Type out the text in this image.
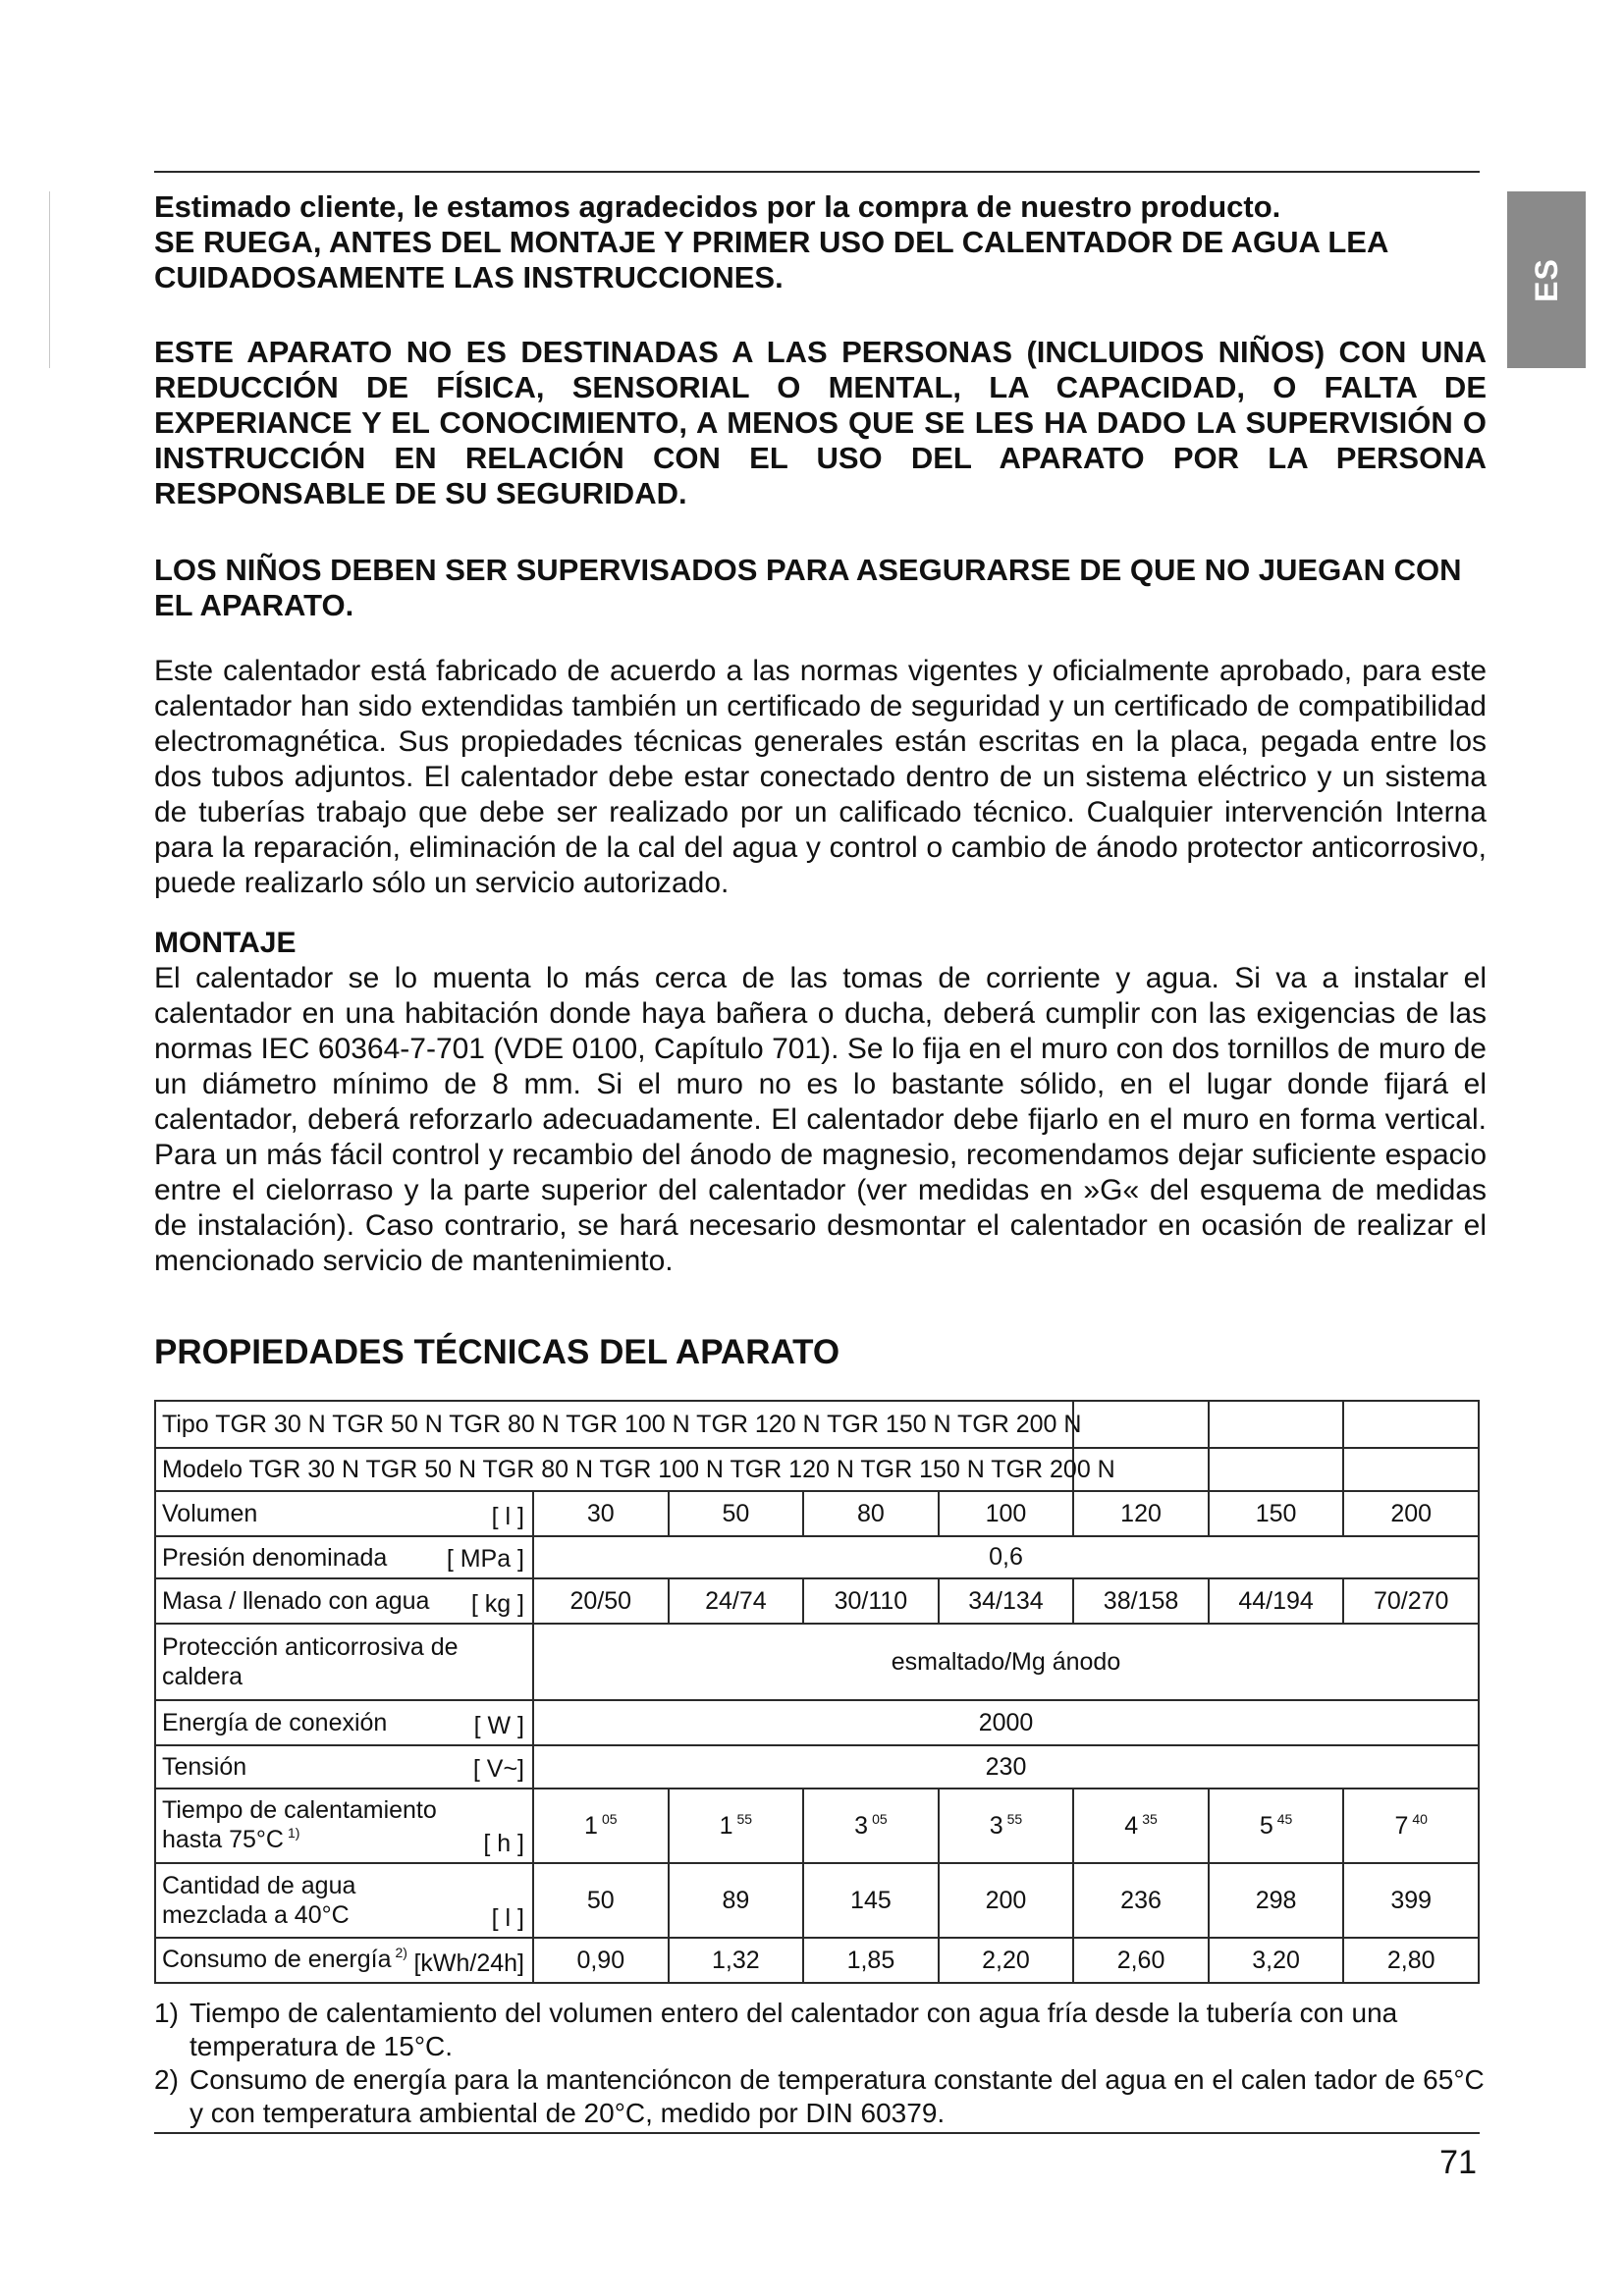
ES

Estimado cliente, le estamos agradecidos por la compra de nuestro producto.

SE RUEGA, ANTES DEL MONTAJE Y PRIMER USO DEL CALENTADOR DE AGUA LEA CUIDADOSAMENTE LAS INSTRUCCIONES.

ESTE APARATO NO ES DESTINADAS A LAS PERSONAS (INCLUIDOS NIÑOS) CON UNA REDUCCIÓN DE FÍSICA, SENSORIAL O MENTAL, LA CAPACIDAD, O FALTA DE EXPERIANCE Y EL CONOCIMIENTO, A MENOS QUE SE LES HA DADO LA SUPERVISIÓN O INSTRUCCIÓN EN RELACIÓN CON EL USO DEL APARATO POR LA PERSONA RESPONSABLE DE SU SEGURIDAD.

LOS NIÑOS DEBEN SER SUPERVISADOS PARA ASEGURARSE DE QUE NO JUEGAN CON EL APARATO.

Este calentador está fabricado de acuerdo a las normas vigentes y oficialmente aprobado, para este calentador han sido extendidas también un certificado de seguridad y un certificado de compatibilidad electromagnética. Sus propiedades técnicas generales están escritas en la placa, pegada entre los dos tubos adjuntos. El calentador debe estar conectado dentro de un sistema eléctrico y un sistema de tuberías trabajo que debe ser realizado por un calificado técnico. Cualquier intervención Interna para la reparación, eliminación de la cal del agua y control o cambio de ánodo protector anticorrosivo, puede realizarlo sólo un servicio autorizado.

MONTAJE

El calentador se lo muenta lo más cerca de las tomas de corriente y agua. Si va a instalar el calentador en una habitación donde haya bañera o ducha, deberá cumplir con las exigencias de las normas IEC 60364-7-701 (VDE 0100, Capítulo 701). Se lo fija en el muro con dos tornillos de muro de un diámetro mínimo de 8 mm. Si el muro no es lo bastante sólido, en el lugar donde fijará el calentador, deberá reforzarlo adecuadamente. El calentador debe fijarlo en el muro en forma vertical. Para un más fácil control y recambio del ánodo de magnesio, recomendamos dejar suficiente espacio entre el cielorraso y la parte superior del calentador (ver medidas en »G« del esquema de medidas de instalación). Caso contrario, se hará necesario desmontar el calentador en ocasión de realizar el mencionado servicio de mantenimiento.

PROPIEDADES TÉCNICAS DEL APARATO
Tipo TGR 30 N TGR 50 N TGR 80 N TGR 100 N TGR 120 N TGR 150 N TGR 200 N							
Modelo TGR 30 N TGR 50 N TGR 80 N TGR 100 N TGR 120 N TGR 150 N TGR 200 N							

Volumen [ l ]	30	50	80	100	120	150	200

Presión denominada [ MPa ]	0,6						

Masa / llenado con agua [ kg ]	20/50	24/74	30/110	34/134	38/158	44/194	70/270

Protección anticorrosiva de caldera	esmaltado/Mg ánodo						

Energía de conexión [ W ]	2000						

Tensión [ V~]	230						

Tiempo de calentamiento hasta 75°C $^{1)}$ [ h ]	1 $^{05}$	1 $^{55}$	3 $^{05}$	3 $^{55}$	4 $^{35}$	5 $^{45}$	7 $^{40}$

Cantidad de agua mezclada a 40°C [ l ]	50	89	145	200	236	298	399

Consumo de energía $^{2)}$ [kWh/24h]	0,90	1,32	1,85	2,20	2,60	3,20	2,80
1) Tiempo de calentamiento del volumen entero del calentador con agua fría desde la tubería con una temperatura de 15°C.
2) Consumo de energía para la mantencióncon de temperatura constante del agua en el calen tador de 65°C y con temperatura ambiental de 20°C, medido por DIN 60379.
71
